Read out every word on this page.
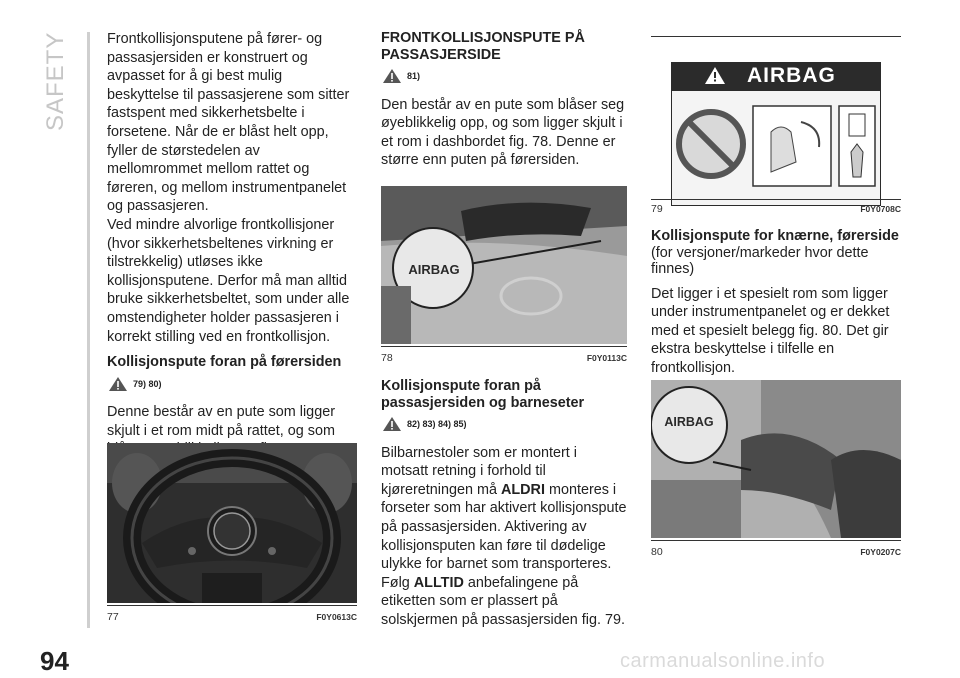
SAFETY
94	carmanualsonline.info

Frontkollisjonsputene på fører- og passasjersiden er konstruert og avpasset for å gi best mulig beskyttelse til passasjerene som sitter fastspent med sikkerhetsbelte i forsetene. Når de er blåst helt opp, fyller de størstedelen av mellomrommet mellom rattet og føreren, og mellom instrumentpanelet og passasjeren.

Ved mindre alvorlige frontkollisjoner (hvor sikkerhetsbeltenes virkning er tilstrekkelig) utløses ikke kollisjonsputene. Derfor må man alltid bruke sikkerhetsbeltet, som under alle omstendigheter holder passasjeren i korrekt stilling ved en frontkollisjon.

Kollisjonspute foran på førersiden

79) 80)

Denne består av en pute som ligger skjult i et rom midt på rattet, og som

77	F0Y0613C

FRONTKOLLISJONSPUTE PÅ PASSASJERSIDE

81)

Den består av en pute som blåser seg øyeblikkelig opp, og som ligger skjult i et rom i dashbordet fig. 78. Denne er større enn puten på førersiden.

AIRBAG
78	F0Y0113C

Kollisjonspute foran på passasjersiden og barneseter

82) 83) 84) 85)

Bilbarnestoler som er montert i motsatt retning i forhold til kjøreretningen må ALDRI monteres i forseter som har aktivert kollisjonspute på passasjersiden. Aktivering av kollisjonsputen kan føre til dødelige ulykke for barnet som transporteres. Følg ALLTID anbefalingene på etiketten som er plassert på solskjermen på passasjersiden fig. 79.

AIRBAG
79	F0Y0708C

Kollisjonspute for knærne, førerside

(for versjoner/markeder hvor dette finnes)

Det ligger i et spesielt rom som ligger under instrumentpanelet og er dekket med et spesielt belegg fig. 80. Det gir ekstra beskyttelse i tilfelle en frontkollisjon.

AIRBAG
80	F0Y0207C
